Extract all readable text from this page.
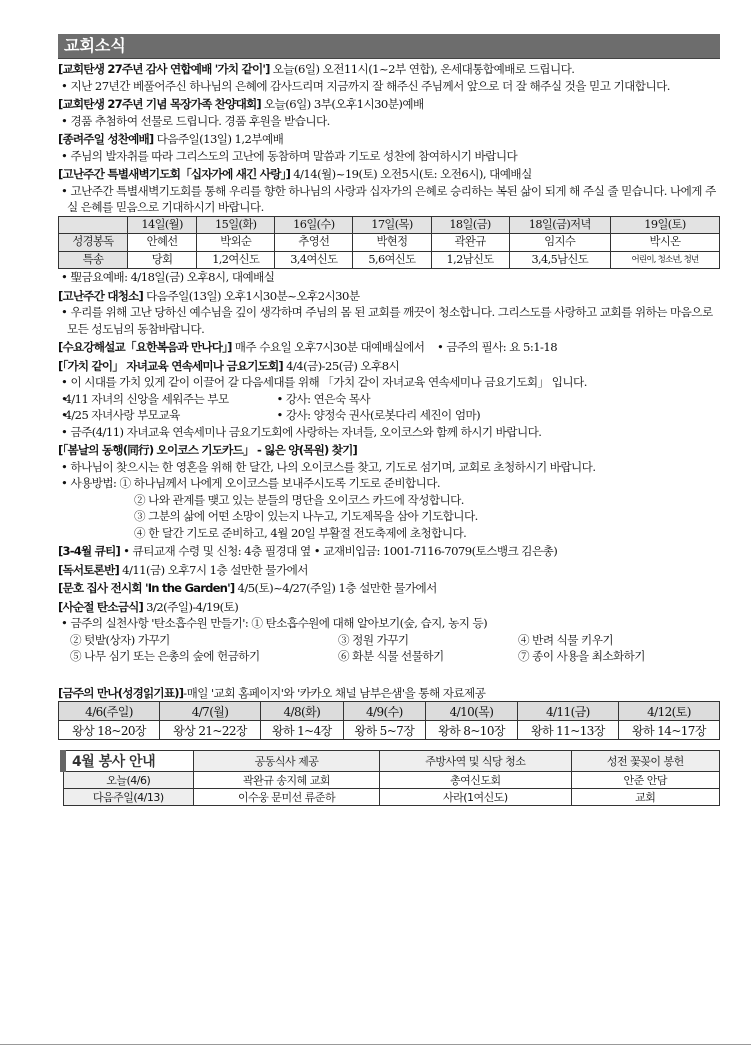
교회소식
[교회탄생 27주년 감사 연합예배 '가치 같이'] 오늘(6일) 오전11시(1~2부 연합), 온세대통합예배로 드립니다.
• 지난 27년간 베풀어주신 하나님의 은혜에 감사드리며 지금까지 잘 해주신 주님께서 앞으로 더 잘 해주실 것을 믿고 기대합니다.
[교회탄생 27주년 기념 목장가족 찬양대회] 오늘(6일) 3부(오후1시30분)예배
• 경품 추첨하여 선물로 드립니다. 경품 후원을 받습니다.
[종려주일 성찬예배] 다음주일(13일) 1,2부예배
• 주님의 발자취를 따라 그리스도의 고난에 동참하며 말씀과 기도로 성찬에 참여하시기 바랍니다
[고난주간 특별새벽기도회「십자가에 새긴 사랑」] 4/14(월)~19(토) 오전5시(토: 오전6시), 대예배실
• 고난주간 특별새벽기도회를 통해 우리를 향한 하나님의 사랑과 십자가의 은혜로 승리하는 복된 삶이 되게 해 주실 줄 믿습니다. 나에게 주실 은혜를 믿음으로 기대하시기 바랍니다.
	14일(월)	15일(화)	16일(수)	17일(목)	18일(금)	18일(금)저녁	19일(토)
성경봉독	안혜선	박외순	추영선	박현정	곽완규	임지수	박시온
특송	당회	1,2여신도	3,4여신도	5,6여신도	1,2남신도	3,4,5남신도	어린이, 청소년, 청년
• 聖금요예배: 4/18일(금) 오후8시, 대예배실
[고난주간 대청소] 다음주일(13일) 오후1시30분~오후2시30분
• 우리를 위해 고난 당하신 예수님을 깊이 생각하며 주님의 몸 된 교회를 깨끗이 청소합니다. 그리스도를 사랑하고 교회를 위하는 마음으로 모든 성도님의 동참바랍니다.
[수요강해설교「요한복음과 만나다」] 매주 수요일 오후7시30분 대예배실에서 • 금주의 필사: 요 5:1-18
[「가치 같이」 자녀교육 연속세미나 금요기도회] 4/4(금)-25(금) 오후8시
• 이 시대를 가치 있게 같이 이끌어 갈 다음세대를 위해 「가치 같이 자녀교육 연속세미나 금요기도회」 입니다.
• 4/11 자녀의 신앙을 세워주는 부모	• 강사: 연은숙 목사
• 4/25 자녀사랑 부모교육	• 강사: 양정숙 권사(로봇다리 세진이 엄마)
• 금주(4/11) 자녀교육 연속세미나 금요기도회에 사랑하는 자녀들, 오이코스와 함께 하시기 바랍니다.
[「봄날의 동행(同行) 오이코스 기도카드」 - 잃은 양(목원) 찾기]
• 하나님이 찾으시는 한 영혼을 위해 한 달간, 나의 오이코스를 찾고, 기도로 섬기며, 교회로 초청하시기 바랍니다.
• 사용방법: ① 하나님께서 나에게 오이코스를 보내주시도록 기도로 준비합니다.
② 나와 관계를 맺고 있는 분들의 명단을 오이코스 카드에 작성합니다.
③ 그분의 삶에 어떤 소망이 있는지 나누고, 기도제목을 삼아 기도합니다.
④ 한 달간 기도로 준비하고, 4월 20일 부활절 전도축제에 초청합니다.
[3-4월 큐티] • 큐티교재 수령 및 신청: 4층 필경대 옆 • 교재비입금: 1001-7116-7079(토스뱅크 김은총)
[독서토론반] 4/11(금) 오후7시 1층 설만한 물가에서
[문호 집사 전시회 'In the Garden'] 4/5(토)~4/27(주일) 1층 설만한 물가에서
[사순절 탄소금식] 3/2(주일)-4/19(토)
• 금주의 실천사항 '탄소흡수원 만들기': ① 탄소흡수원에 대해 알아보기(숲, 습지, 농지 등)
② 텃밭(상자) 가꾸기	③ 정원 가꾸기	④ 반려 식물 키우기
⑤ 나무 심기 또는 은총의 숲에 헌금하기	⑥ 화분 식물 선물하기	⑦ 종이 사용을 최소화하기
[금주의 만나(성경읽기표)]-매일 '교회 홈페이지'와 '카카오 채널 남부은샘'을 통해 자료제공
4/6(주일)	4/7(월)	4/8(화)	4/9(수)	4/10(목)	4/11(금)	4/12(토)
왕상 18~20장	왕상 21~22장	왕하 1~4장	왕하 5~7장	왕하 8~10장	왕하 11~13장	왕하 14~17장
4월 봉사 안내	공동식사 제공	주방사역 및 식당 청소	성전 꽃꽂이 봉헌
오늘(4/6)	곽완규 송지혜 교회	총여신도회	안준 안담
다음주일(4/13)	이수웅 문미선 류준하	사라(1여신도)	교회
